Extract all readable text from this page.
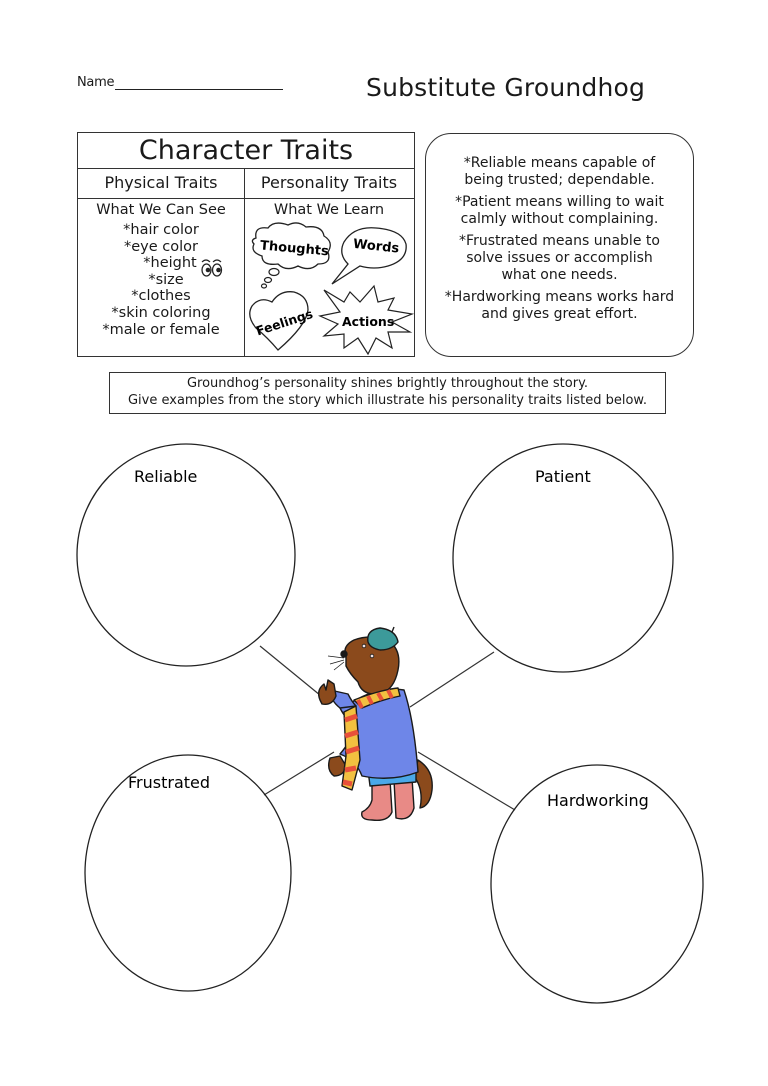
Name	Substitute Groundhog
Character Traits
Physical Traits	Personality Traits
What We Can See
*hair color
*eye color
*height
*size
*clothes
*skin coloring
*male or female
What We Learn
Thoughts Words
Feelings Actions

*Reliable means capable of being trusted; dependable.

*Patient means willing to wait calmly without complaining.

*Frustrated means unable to solve issues or accomplish what one needs.

*Hardworking means works hard and gives great effort.

Groundhog’s personality shines brightly throughout the story.
Give examples from the story which illustrate his personality traits listed below.
Reliable	Patient
Frustrated
Hardworking
